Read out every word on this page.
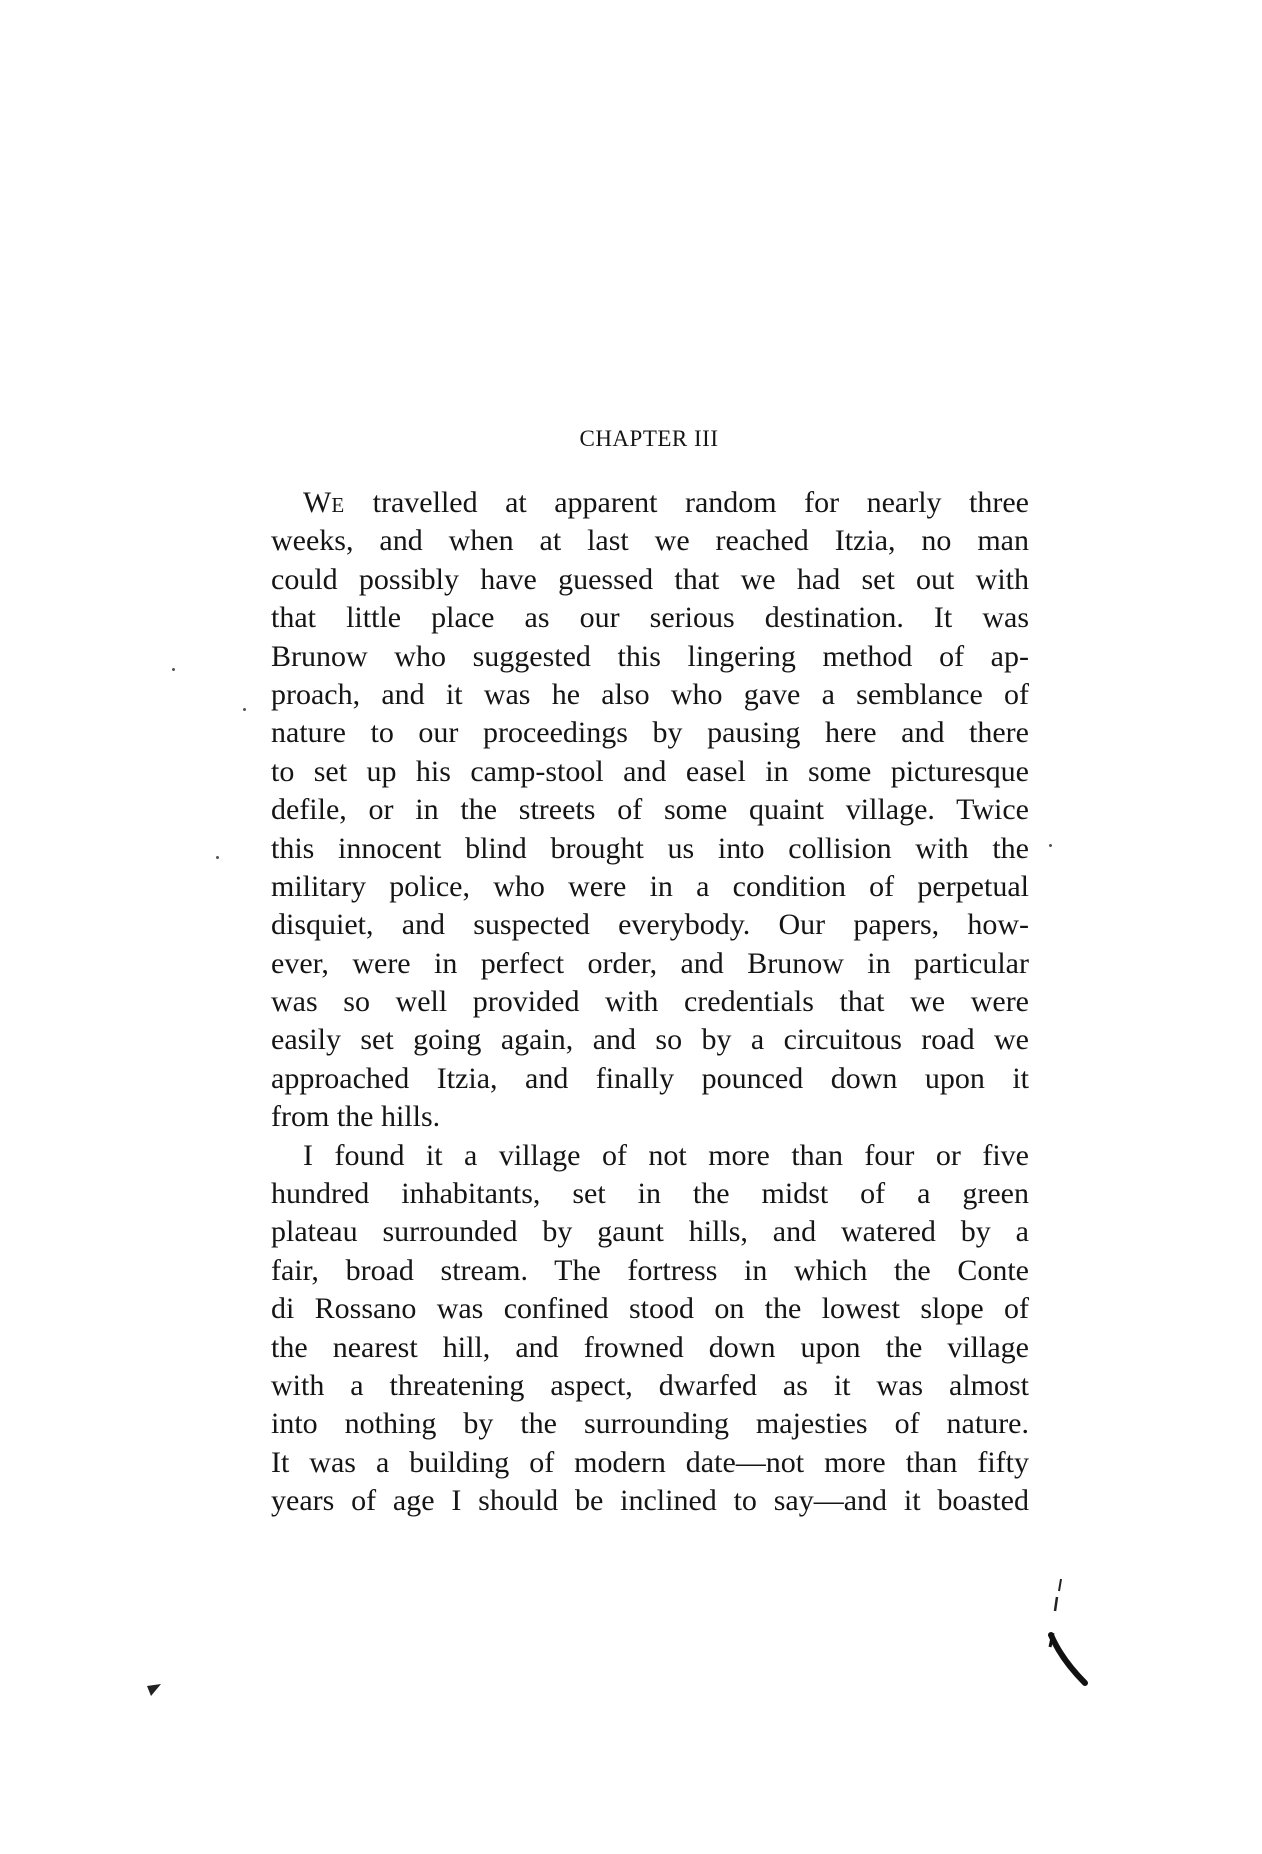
CHAPTER III
WE travelled at apparent random for nearly three
weeks, and when at last we reached Itzia, no man
could possibly have guessed that we had set out with
that little place as our serious destination. It was
Brunow who suggested this lingering method of ap-
proach, and it was he also who gave a semblance of
nature to our proceedings by pausing here and there
to set up his camp-stool and easel in some picturesque
defile, or in the streets of some quaint village. Twice
this innocent blind brought us into collision with the
military police, who were in a condition of perpetual
disquiet, and suspected everybody. Our papers, how-
ever, were in perfect order, and Brunow in particular
was so well provided with credentials that we were
easily set going again, and so by a circuitous road we
approached Itzia, and finally pounced down upon it
from the hills.
I found it a village of not more than four or five
hundred inhabitants, set in the midst of a green
plateau surrounded by gaunt hills, and watered by a
fair, broad stream. The fortress in which the Conte
di Rossano was confined stood on the lowest slope of
the nearest hill, and frowned down upon the village
with a threatening aspect, dwarfed as it was almost
into nothing by the surrounding majesties of nature.
It was a building of modern date—not more than fifty
years of age I should be inclined to say—and it boasted
